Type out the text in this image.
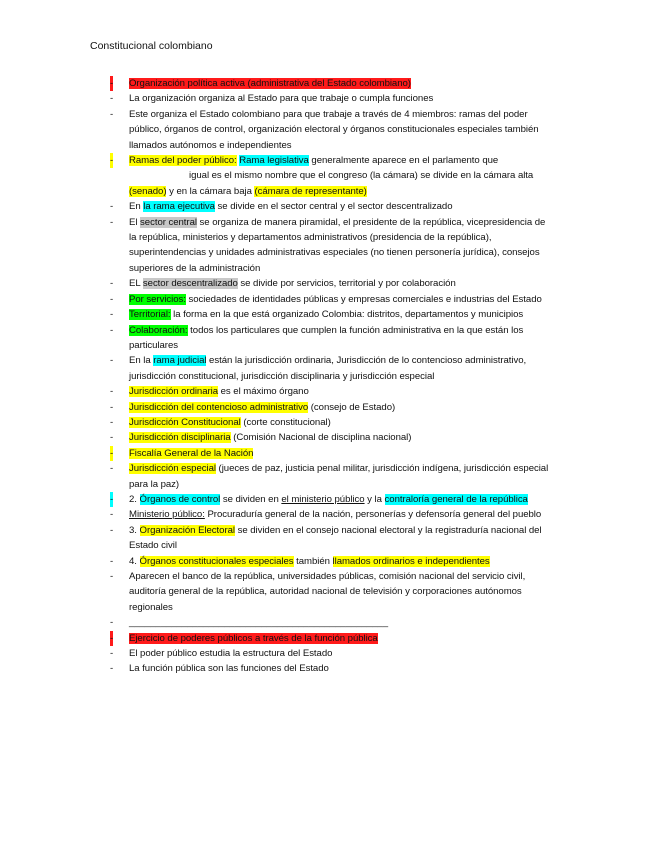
Constitucional colombiano
- Organización política activa (administrativa del Estado colombiano)
- La organización organiza al Estado para que trabaje o cumpla funciones
- Este organiza el Estado colombiano para que trabaje a través de 4 miembros: ramas del poder público, órganos de control, organización electoral y órganos constitucionales especiales también llamados autónomos e independientes
- Ramas del poder público: Rama legislativa generalmente aparece en el parlamento que
igual es el mismo nombre que el congreso (la cámara) se divide en la cámara alta
(senado) y en la cámara baja (cámara de representante)
- En la rama ejecutiva se divide en el sector central y el sector descentralizado
- El sector central se organiza de manera piramidal, el presidente de la república, vicepresidencia de la república, ministerios y departamentos administrativos (presidencia de la república), superintendencias y unidades administrativas especiales (no tienen personería jurídica), consejos superiores de la administración
- EL sector descentralizado se divide por servicios, territorial y por colaboración
- Por servicios: sociedades de identidades públicas y empresas comerciales e industrias del Estado
- Territorial: la forma en la que está organizado Colombia: distritos, departamentos y municipios
- Colaboración: todos los particulares que cumplen la función administrativa en la que están los particulares
- En la rama judicial están la jurisdicción ordinaria, Jurisdicción de lo contencioso administrativo, jurisdicción constitucional, jurisdicción disciplinaria y jurisdicción especial
- Jurisdicción ordinaria es el máximo órgano
- Jurisdicción del contencioso administrativo (consejo de Estado)
- Jurisdicción Constitucional (corte constitucional)
- Jurisdicción disciplinaria (Comisión Nacional de disciplina nacional)
- Fiscalía General de la Nación
- Jurisdicción especial (jueces de paz, justicia penal militar, jurisdicción indígena, jurisdicción especial para la paz)
- 2. Órganos de control se dividen en el ministerio público y la contraloría general de la república
- Ministerio público: Procuraduría general de la nación, personerías y defensoría general del pueblo
- 3. Organización Electoral se dividen en el consejo nacional electoral y la registraduría nacional del Estado civil
- 4. Órganos constitucionales especiales también llamados ordinarios e independientes
- Aparecen el banco de la república, universidades públicas, comisión nacional del servicio civil, auditoría general de la república, autoridad nacional de televisión y corporaciones autónomos regionales
- _________________________________________________
- Ejercicio de poderes públicos a través de la función pública
- El poder público estudia la estructura del Estado
- La función pública son las funciones del Estado
